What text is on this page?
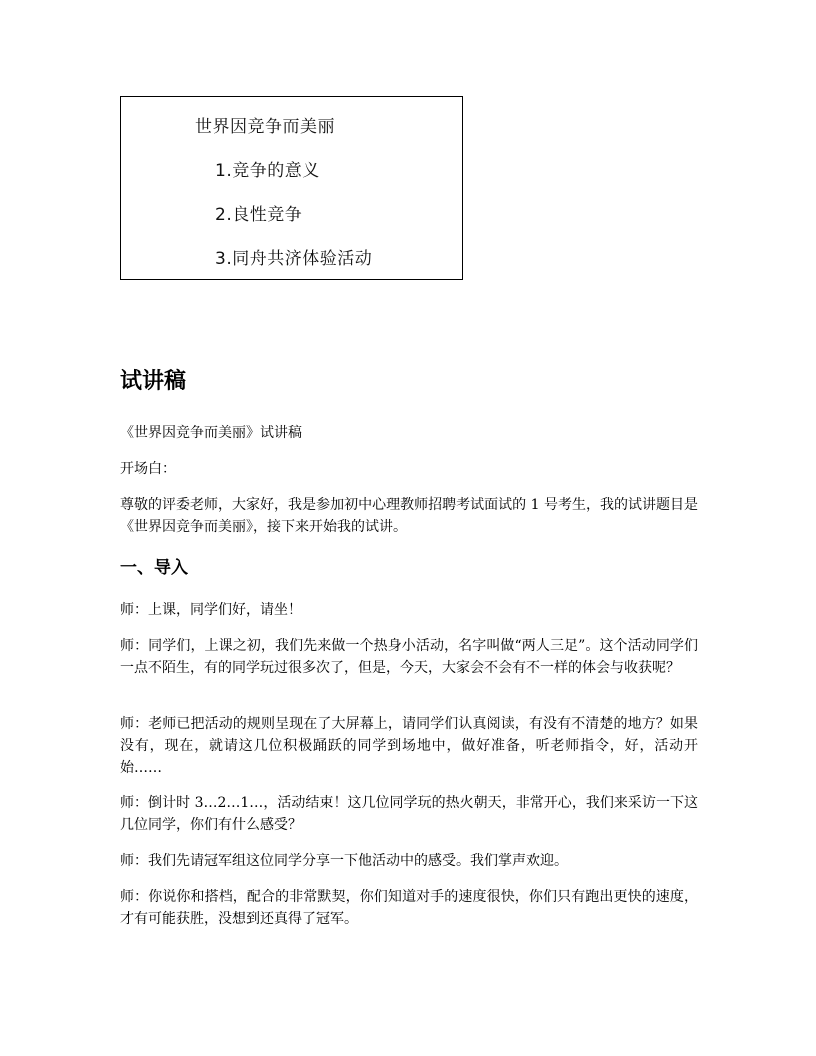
世界因竞争而美丽
1.竞争的意义
2.良性竞争
3.同舟共济体验活动
试讲稿

《世界因竞争而美丽》试讲稿

开场白：

尊敬的评委老师，大家好，我是参加初中心理教师招聘考试面试的 1 号考生，我的试讲题目是《世界因竞争而美丽》，接下来开始我的试讲。

一、导入

师：上课，同学们好，请坐！

师：同学们，上课之初，我们先来做一个热身小活动，名字叫做“两人三足”。这个活动同学们一点不陌生，有的同学玩过很多次了，但是，今天，大家会不会有不一样的体会与收获呢？

师：老师已把活动的规则呈现在了大屏幕上，请同学们认真阅读，有没有不清楚的地方？如果没有，现在，就请这几位积极踊跃的同学到场地中，做好准备，听老师指令，好，活动开始……

师：倒计时 3…2…1…，活动结束！这几位同学玩的热火朝天，非常开心，我们来采访一下这几位同学，你们有什么感受？

师：我们先请冠军组这位同学分享一下他活动中的感受。我们掌声欢迎。

师：你说你和搭档，配合的非常默契，你们知道对手的速度很快，你们只有跑出更快的速度，才有可能获胜，没想到还真得了冠军。
